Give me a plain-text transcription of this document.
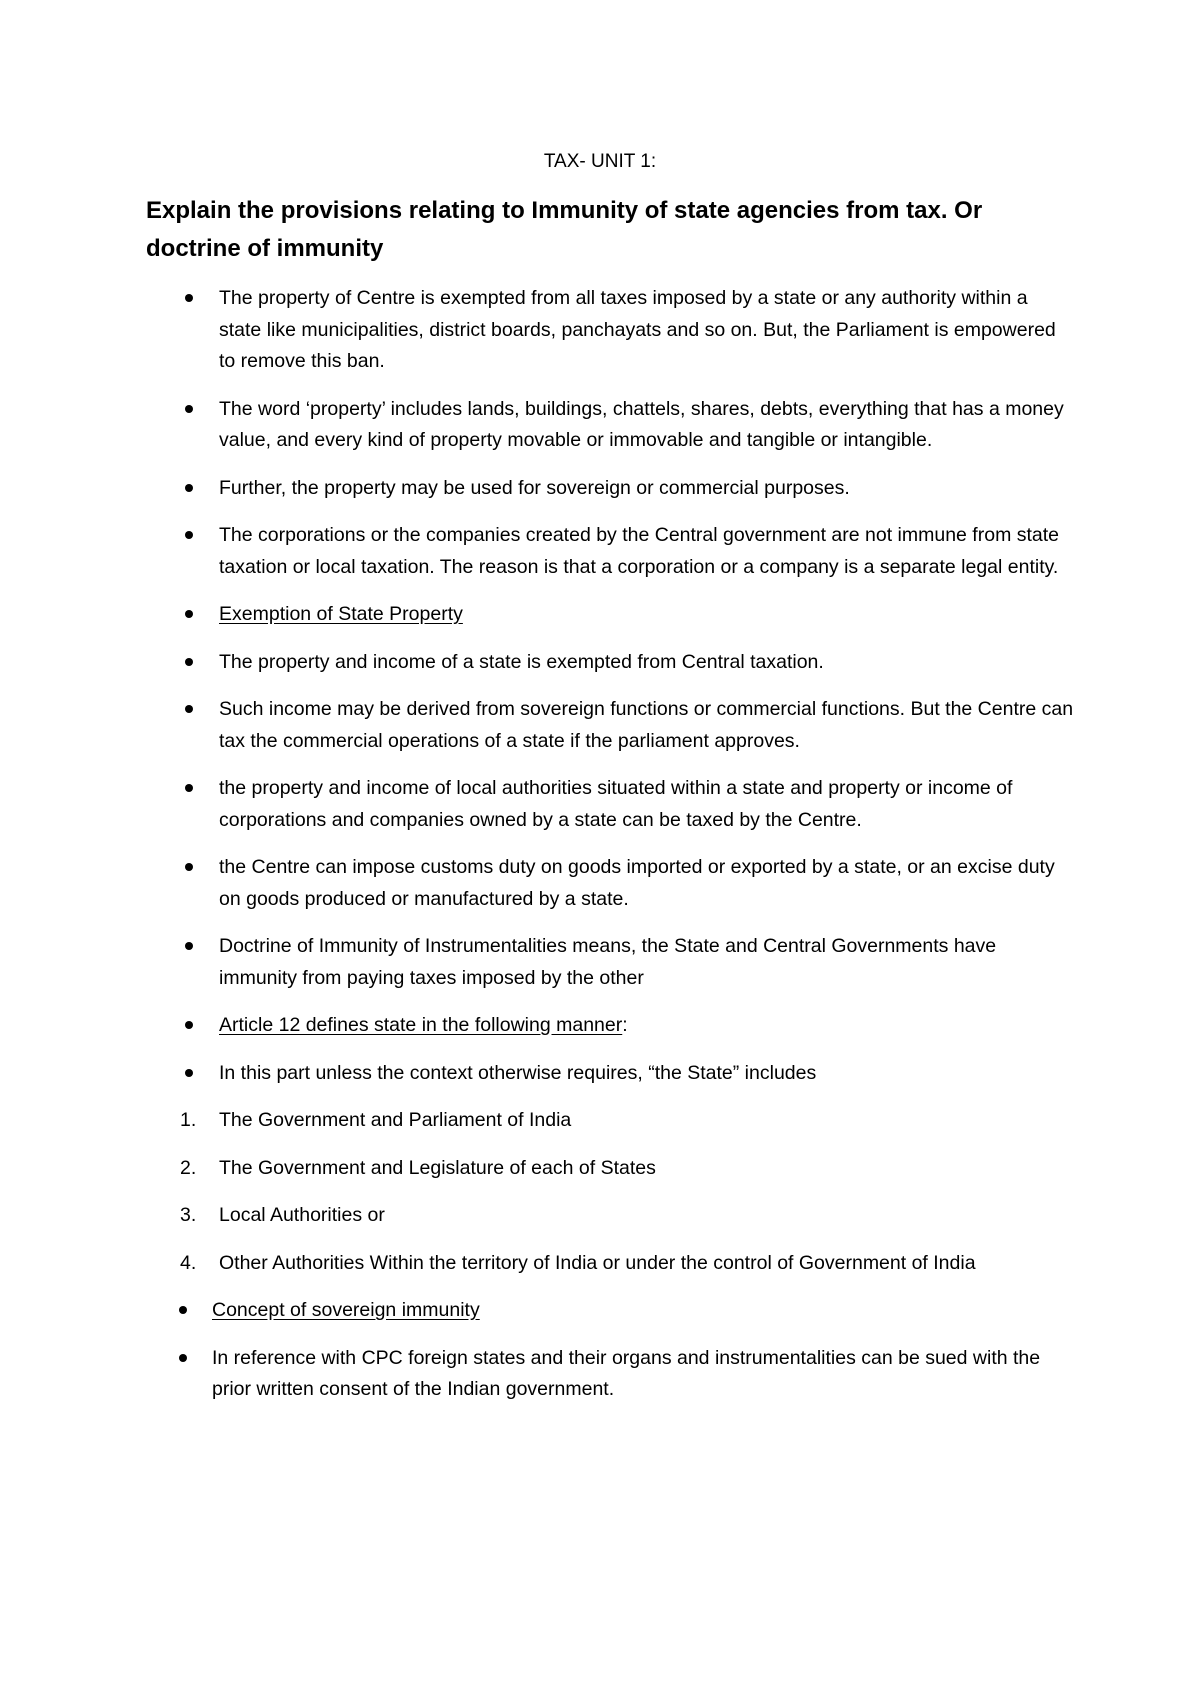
TAX- UNIT 1:

Explain the provisions relating to Immunity of state agencies from tax. Or doctrine of immunity

The property of Centre is exempted from all taxes imposed by a state or any authority within a state like municipalities, district boards, panchayats and so on. But, the Parliament is empowered to remove this ban.
The word ‘property’ includes lands, buildings, chattels, shares, debts, everything that has a money value, and every kind of property movable or immovable and tangible or intangible.
Further, the property may be used for sovereign or commercial purposes.
The corporations or the companies created by the Central government are not immune from state taxation or local taxation. The reason is that a corporation or a company is a separate legal entity.
Exemption of State Property
The property and income of a state is exempted from Central taxation.
Such income may be derived from sovereign functions or commercial functions. But the Centre can tax the commercial operations of a state if the parliament approves.
the property and income of local authorities situated within a state and property or income of corporations and companies owned by a state can be taxed by the Centre.
the Centre can impose customs duty on goods imported or exported by a state, or an excise duty on goods produced or manufactured by a state.
Doctrine of Immunity of Instrumentalities means, the State and Central Governments have immunity from paying taxes imposed by the other
Article 12 defines state in the following manner:
In this part unless the context otherwise requires, “the State” includes
1.	The Government and Parliament of India
2.	The Government and Legislature of each of States
3.	Local Authorities or
4.	Other Authorities Within the territory of India or under the control of Government of India
Concept of sovereign immunity
In reference with CPC foreign states and their organs and instrumentalities can be sued with the prior written consent of the Indian government.
